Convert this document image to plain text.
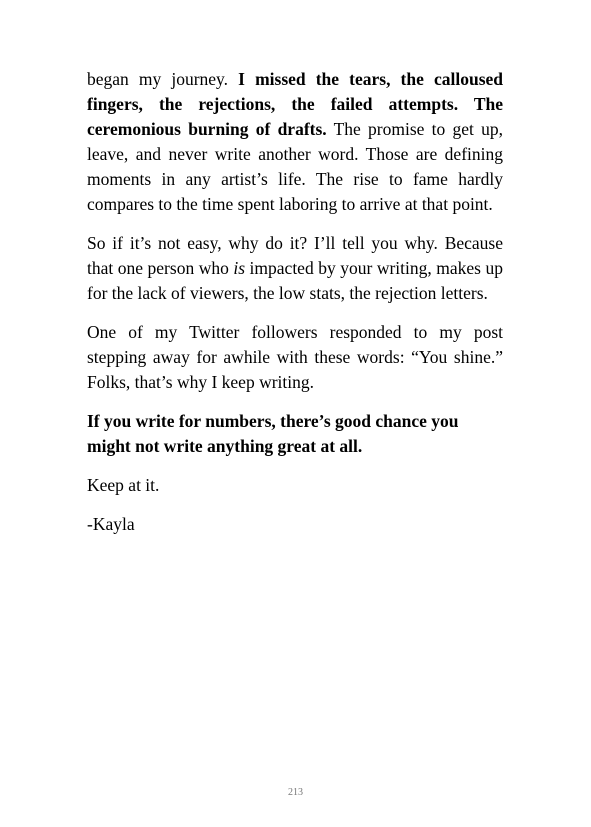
began my journey. I missed the tears, the calloused fingers, the rejections, the failed attempts. The ceremonious burning of drafts. The promise to get up, leave, and never write another word. Those are defining moments in any artist’s life. The rise to fame hardly compares to the time spent laboring to arrive at that point.

So if it’s not easy, why do it? I’ll tell you why. Because that one person who is impacted by your writing, makes up for the lack of viewers, the low stats, the rejection letters.

One of my Twitter followers responded to my post stepping away for awhile with these words: “You shine.” Folks, that’s why I keep writing.

If you write for numbers, there’s good chance you might not write anything great at all.

Keep at it.

-Kayla

213
